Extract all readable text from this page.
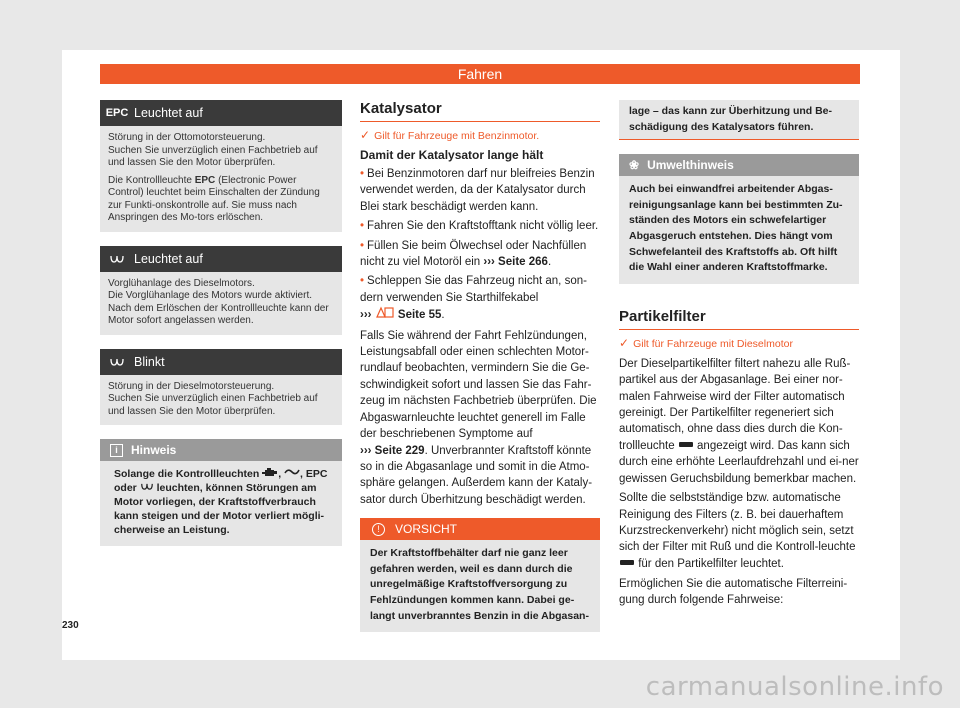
Fahren
EPC Leuchtet auf

Störung in der Ottomotorsteuerung.
Suchen Sie unverzüglich einen Fachbetrieb auf und lassen Sie den Motor überprüfen.

Die Kontrollleuchte EPC (Electronic Power Control) leuchtet beim Einschalten der Zündung zur Funkti-onskontrolle auf. Sie muss nach Anspringen des Mo-tors erlöschen.

Leuchtet auf

Vorglühanlage des Dieselmotors.
Die Vorglühanlage des Motors wurde aktiviert. Nach dem Erlöschen der Kontrollleuchte kann der Motor sofort angelassen werden.

Blinkt

Störung in der Dieselmotorsteuerung.
Suchen Sie unverzüglich einen Fachbetrieb auf und lassen Sie den Motor überprüfen.

i	Hinweis
Solange die Kontrollleuchten , , EPC
oder leuchten, können Störungen am Motor vorliegen, der Kraftstoffverbrauch kann steigen und der Motor verliert mögli-cherweise an Leistung.
Katalysator
✓ Gilt für Fahrzeuge mit Benzinmotor.
Damit der Katalysator lange hält

• Bei Benzinmotoren darf nur bleifreies Benzin verwendet werden, da der Katalysator durch Blei stark beschädigt werden kann.

• Fahren Sie den Kraftstofftank nicht völlig leer.

• Füllen Sie beim Ölwechsel oder Nachfüllen nicht zu viel Motoröl ein ››› Seite 266.

• Schleppen Sie das Fahrzeug nicht an, son-dern verwenden Sie Starthilfekabel
››› Seite 55.

Falls Sie während der Fahrt Fehlzündungen, Leistungsabfall oder einen schlechten Motor-rundlauf beobachten, vermindern Sie die Ge-schwindigkeit sofort und lassen Sie das Fahr-zeug im nächsten Fachbetrieb überprüfen. Die Abgaswarnleuchte leuchtet generell im Falle der beschriebenen Symptome auf
››› Seite 229. Unverbrannter Kraftstoff könnte so in die Abgasanlage und somit in die Atmo-sphäre gelangen. Außerdem kann der Kataly-sator durch Überhitzung beschädigt werden.

!	VORSICHT
Der Kraftstoffbehälter darf nie ganz leer gefahren werden, weil es dann durch die unregelmäßige Kraftstoffversorgung zu Fehlzündungen kommen kann. Dabei ge-langt unverbranntes Benzin in die Abgasan-
lage – das kann zur Überhitzung und Be-schädigung des Katalysators führen.
❀ Umwelthinweis
Auch bei einwandfrei arbeitender Abgas-reinigungsanlage kann bei bestimmten Zu-ständen des Motors ein schwefelartiger Abgasgeruch entstehen. Dies hängt vom Schwefelanteil des Kraftstoffs ab. Oft hilft die Wahl einer anderen Kraftstoffmarke.
Partikelfilter
✓ Gilt für Fahrzeuge mit Dieselmotor

Der Dieselpartikelfilter filtert nahezu alle Ruß-partikel aus der Abgasanlage. Bei einer nor-malen Fahrweise wird der Filter automatisch gereinigt. Der Partikelfilter regeneriert sich automatisch, ohne dass dies durch die Kon-trollleuchte angezeigt wird. Das kann sich durch eine erhöhte Leerlaufdrehzahl und ei-ner gewissen Geruchsbildung bemerkbar machen.

Sollte die selbstständige bzw. automatische Reinigung des Filters (z. B. bei dauerhaftem Kurzstreckenverkehr) nicht möglich sein, setzt sich der Filter mit Ruß und die Kontroll-leuchte  für den Partikelfilter leuchtet.

Ermöglichen Sie die automatische Filterreini-gung durch folgende Fahrweise:

230
carmanualsonline.info
